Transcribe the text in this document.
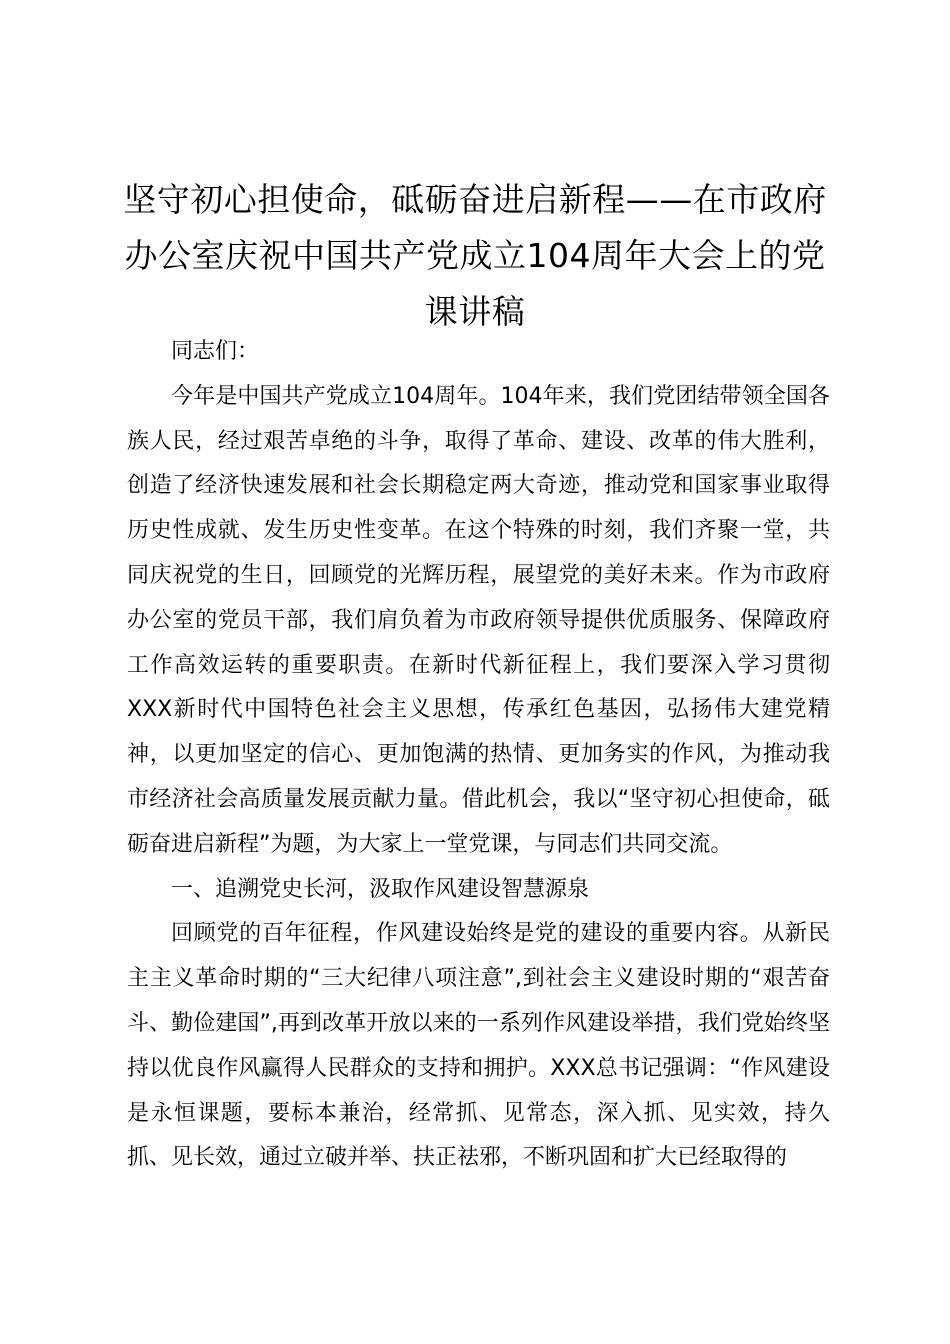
坚守初心担使命，砥砺奋进启新程——在市政府办公室庆祝中国共产党成立104周年大会上的党课讲稿

同志们：

今年是中国共产党成立104周年。104年来，我们党团结带领全国各族人民，经过艰苦卓绝的斗争，取得了革命、建设、改革的伟大胜利，创造了经济快速发展和社会长期稳定两大奇迹，推动党和国家事业取得历史性成就、发生历史性变革。在这个特殊的时刻，我们齐聚一堂，共同庆祝党的生日，回顾党的光辉历程，展望党的美好未来。作为市政府办公室的党员干部，我们肩负着为市政府领导提供优质服务、保障政府工作高效运转的重要职责。在新时代新征程上，我们要深入学习贯彻XXX新时代中国特色社会主义思想，传承红色基因，弘扬伟大建党精神，以更加坚定的信心、更加饱满的热情、更加务实的作风，为推动我市经济社会高质量发展贡献力量。借此机会，我以“坚守初心担使命，砥砺奋进启新程”为题，为大家上一堂党课，与同志们共同交流。

一、追溯党史长河，汲取作风建设智慧源泉

回顾党的百年征程，作风建设始终是党的建设的重要内容。从新民主主义革命时期的“三大纪律八项注意”,到社会主义建设时期的“艰苦奋斗、勤俭建国”,再到改革开放以来的一系列作风建设举措，我们党始终坚持以优良作风赢得人民群众的支持和拥护。XXX总书记强调：“作风建设是永恒课题，要标本兼治，经常抓、见常态，深入抓、见实效，持久抓、见长效，通过立破并举、扶正祛邪，不断巩固和扩大已经取得的
